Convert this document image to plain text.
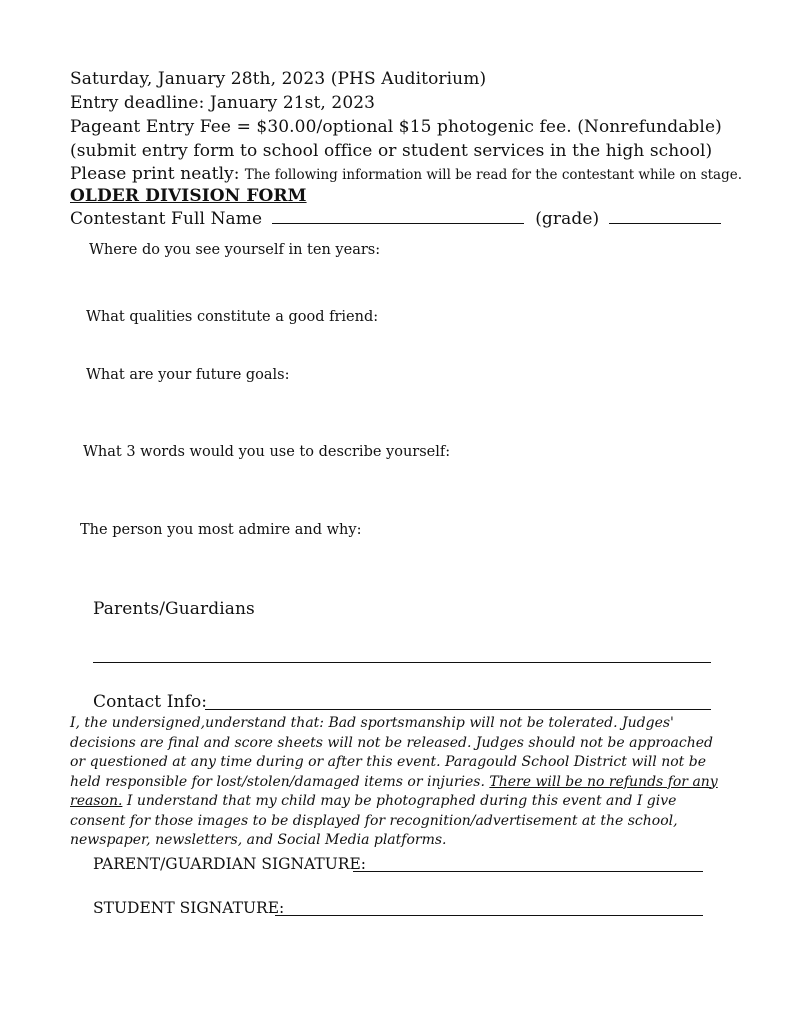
Saturday, January 28th, 2023 (PHS Auditorium)
Entry deadline: January 21st, 2023
Pageant Entry Fee = $30.00/optional $15 photogenic fee. (Nonrefundable)
(submit entry form to school office or student services in the high school)
Please print neatly: The following information will be read for the contestant while on stage.
OLDER DIVISION FORM
Contestant Full Name	(grade)
Where do you see yourself in ten years:
What qualities constitute a good friend:
What are your future goals:
What 3 words would you use to describe yourself:
The person you most admire and why:
Parents/Guardians
Contact Info:
I, the undersigned,understand that: Bad sportsmanship will not be tolerated. Judges' decisions are final and score sheets will not be released. Judges should not be approached or questioned at any time during or after this event. Paragould School District will not be held responsible for lost/stolen/damaged items or injuries. There will be no refunds for any reason. I understand that my child may be photographed during this event and I give consent for those images to be displayed for recognition/advertisement at the school, newspaper, newsletters, and Social Media platforms.
PARENT/GUARDIAN SIGNATURE:
STUDENT SIGNATURE:
